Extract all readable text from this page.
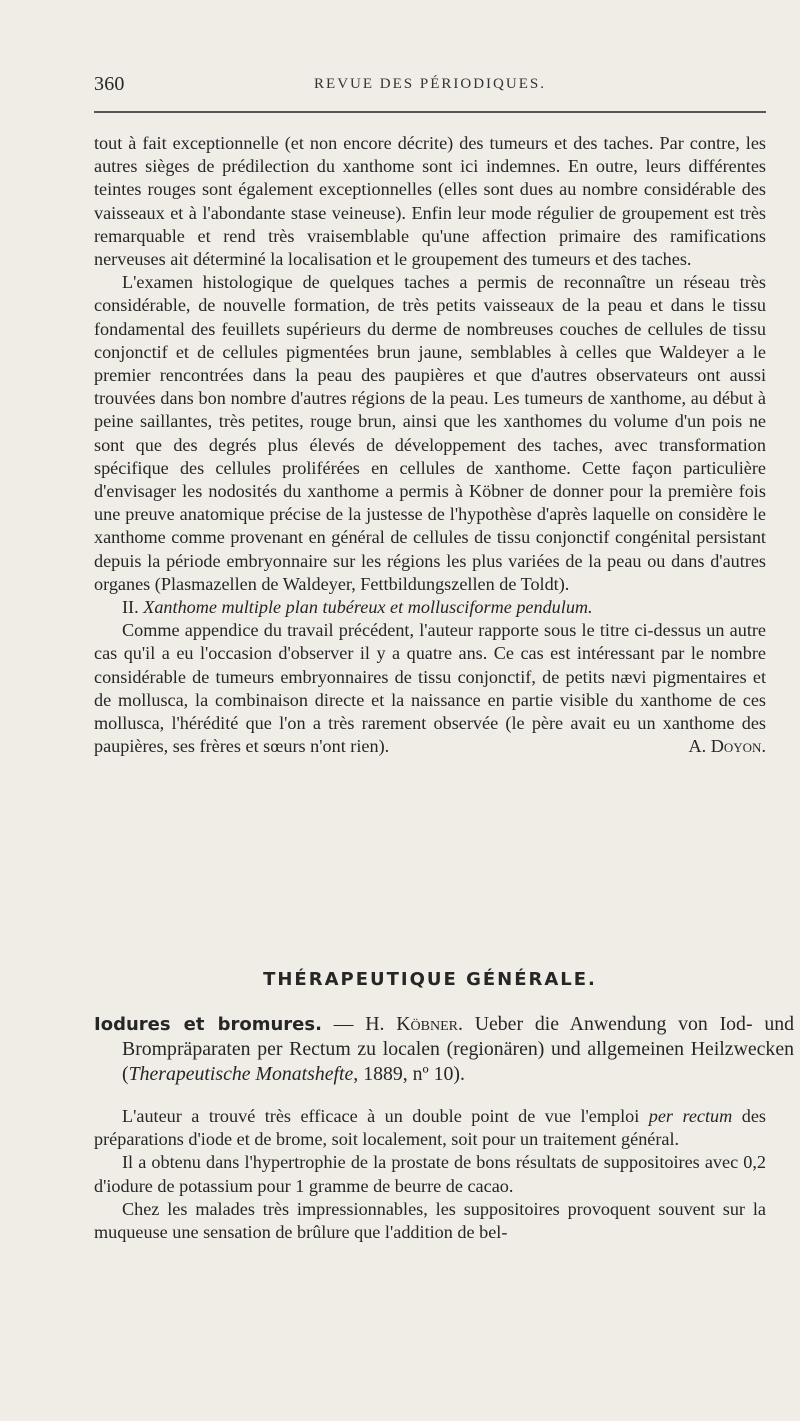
360	REVUE DES PÉRIODIQUES.

tout à fait exceptionnelle (et non encore décrite) des tumeurs et des taches. Par contre, les autres sièges de prédilection du xanthome sont ici indemnes. En outre, leurs différentes teintes rouges sont également exceptionnelles (elles sont dues au nombre considérable des vaisseaux et à l'abondante stase veineuse). Enfin leur mode régulier de groupement est très remarquable et rend très vraisemblable qu'une affection primaire des ramifications nerveuses ait déterminé la localisation et le groupement des tumeurs et des taches.

L'examen histologique de quelques taches a permis de reconnaître un réseau très considérable, de nouvelle formation, de très petits vaisseaux de la peau et dans le tissu fondamental des feuillets supérieurs du derme de nombreuses couches de cellules de tissu conjonctif et de cellules pigmentées brun jaune, semblables à celles que Waldeyer a le premier rencontrées dans la peau des paupières et que d'autres observateurs ont aussi trouvées dans bon nombre d'autres régions de la peau. Les tumeurs de xanthome, au début à peine saillantes, très petites, rouge brun, ainsi que les xanthomes du volume d'un pois ne sont que des degrés plus élevés de développement des taches, avec transformation spécifique des cellules proliférées en cellules de xanthome. Cette façon particulière d'envisager les nodosités du xanthome a permis à Köbner de donner pour la première fois une preuve anatomique précise de la justesse de l'hypothèse d'après laquelle on considère le xanthome comme provenant en général de cellules de tissu conjonctif congénital persistant depuis la période embryonnaire sur les régions les plus variées de la peau ou dans d'autres organes (Plasmazellen de Waldeyer, Fettbildungszellen de Toldt).

II. Xanthome multiple plan tubéreux et mollusciforme pendulum.

Comme appendice du travail précédent, l'auteur rapporte sous le titre ci-dessus un autre cas qu'il a eu l'occasion d'observer il y a quatre ans. Ce cas est intéressant par le nombre considérable de tumeurs embryonnaires de tissu conjonctif, de petits nævi pigmentaires et de mollusca, la combinaison directe et la naissance en partie visible du xanthome de ces mollusca, l'hérédité que l'on a très rarement observée (le père avait eu un xanthome des paupières, ses frères et sœurs n'ont rien).	A. Doyon.

THÉRAPEUTIQUE GÉNÉRALE.
Iodures et bromures. — H. Köbner. Ueber die Anwendung von Iod- und Brompräparaten per Rectum zu localen (regionären) und allgemeinen Heilzwecken (Therapeutische Monatshefte, 1889, nº 10).

L'auteur a trouvé très efficace à un double point de vue l'emploi per rectum des préparations d'iode et de brome, soit localement, soit pour un traitement général.

Il a obtenu dans l'hypertrophie de la prostate de bons résultats de suppositoires avec 0,2 d'iodure de potassium pour 1 gramme de beurre de cacao.

Chez les malades très impressionnables, les suppositoires provoquent souvent sur la muqueuse une sensation de brûlure que l'addition de bel-
